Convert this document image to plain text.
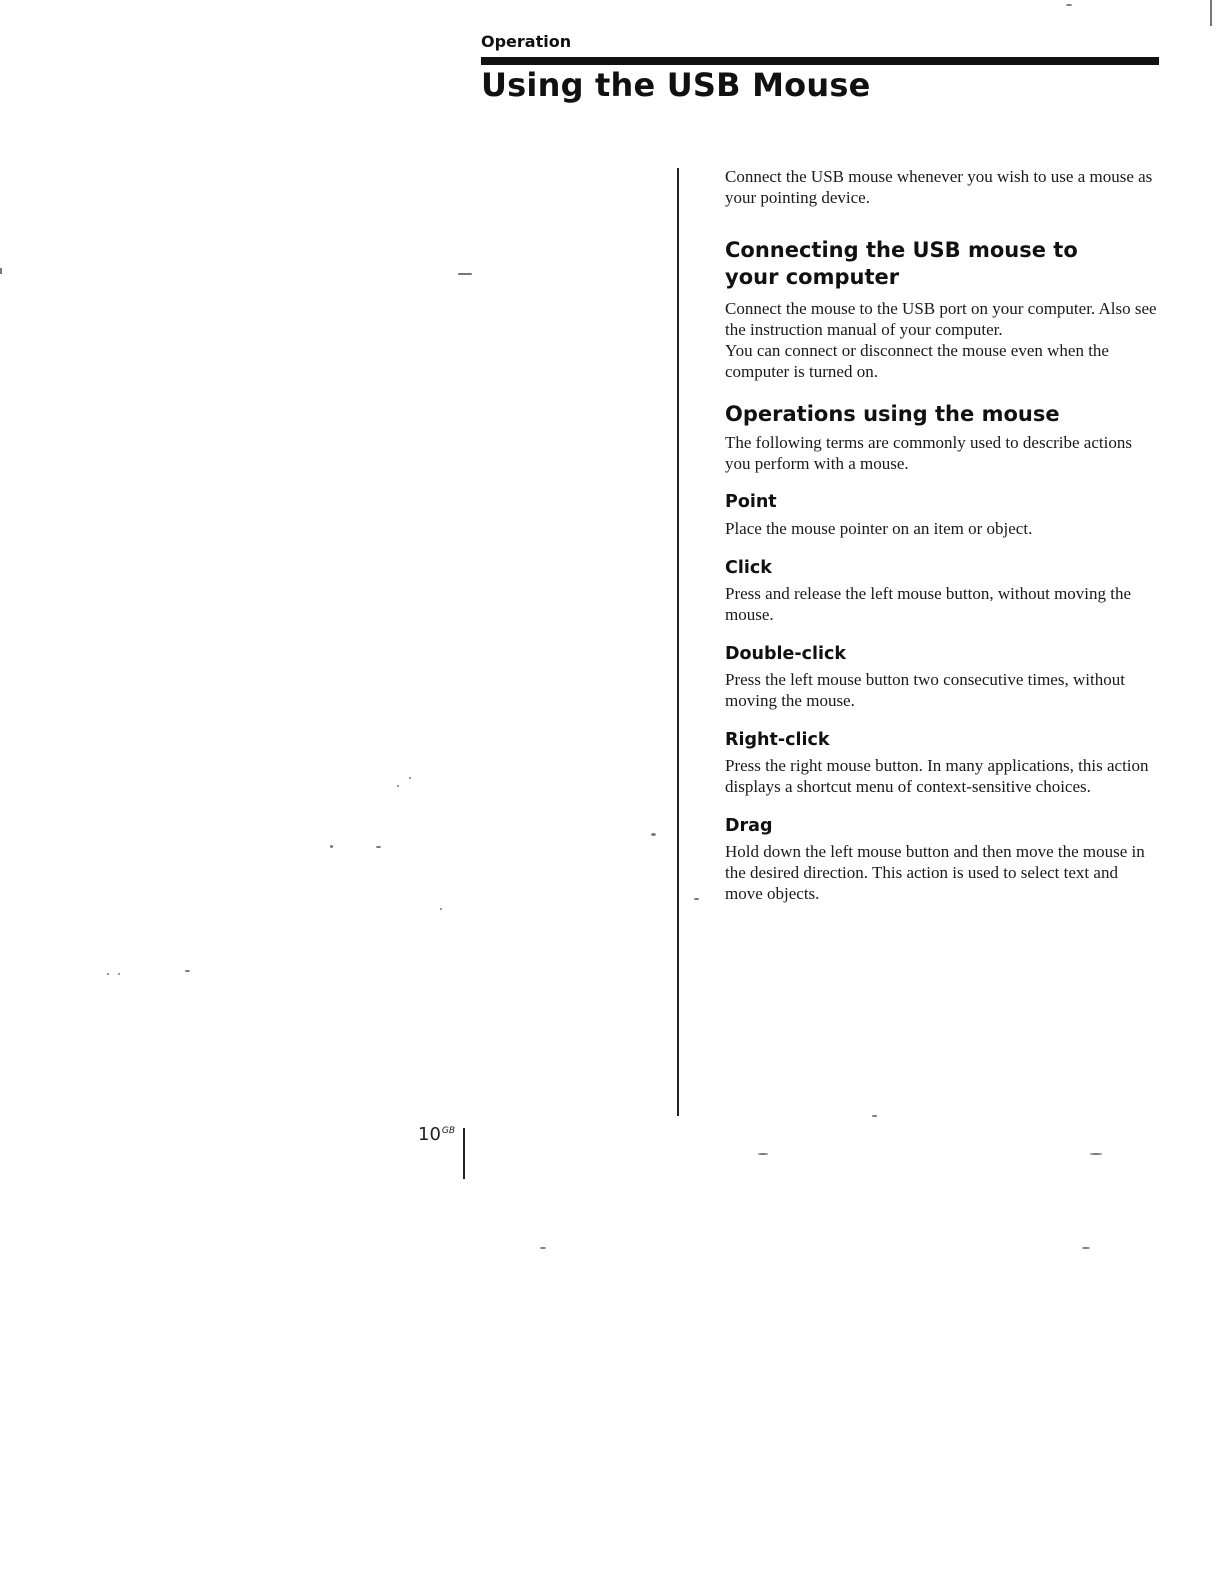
Operation
Using the USB Mouse

Connect the USB mouse whenever you wish to use a mouse as your pointing device.

Connecting the USB mouse to your computer

Connect the mouse to the USB port on your computer. Also see the instruction manual of your computer.

You can connect or disconnect the mouse even when the computer is turned on.

Operations using the mouse

The following terms are commonly used to describe actions you perform with a mouse.

Point

Place the mouse pointer on an item or object.

Click

Press and release the left mouse button, without moving the mouse.

Double-click

Press the left mouse button two consecutive times, without moving the mouse.

Right-click

Press the right mouse button. In many applications, this action displays a shortcut menu of context-sensitive choices.

Drag

Hold down the left mouse button and then move the mouse in the desired direction. This action is used to select text and move objects.

$10^{GB}$
